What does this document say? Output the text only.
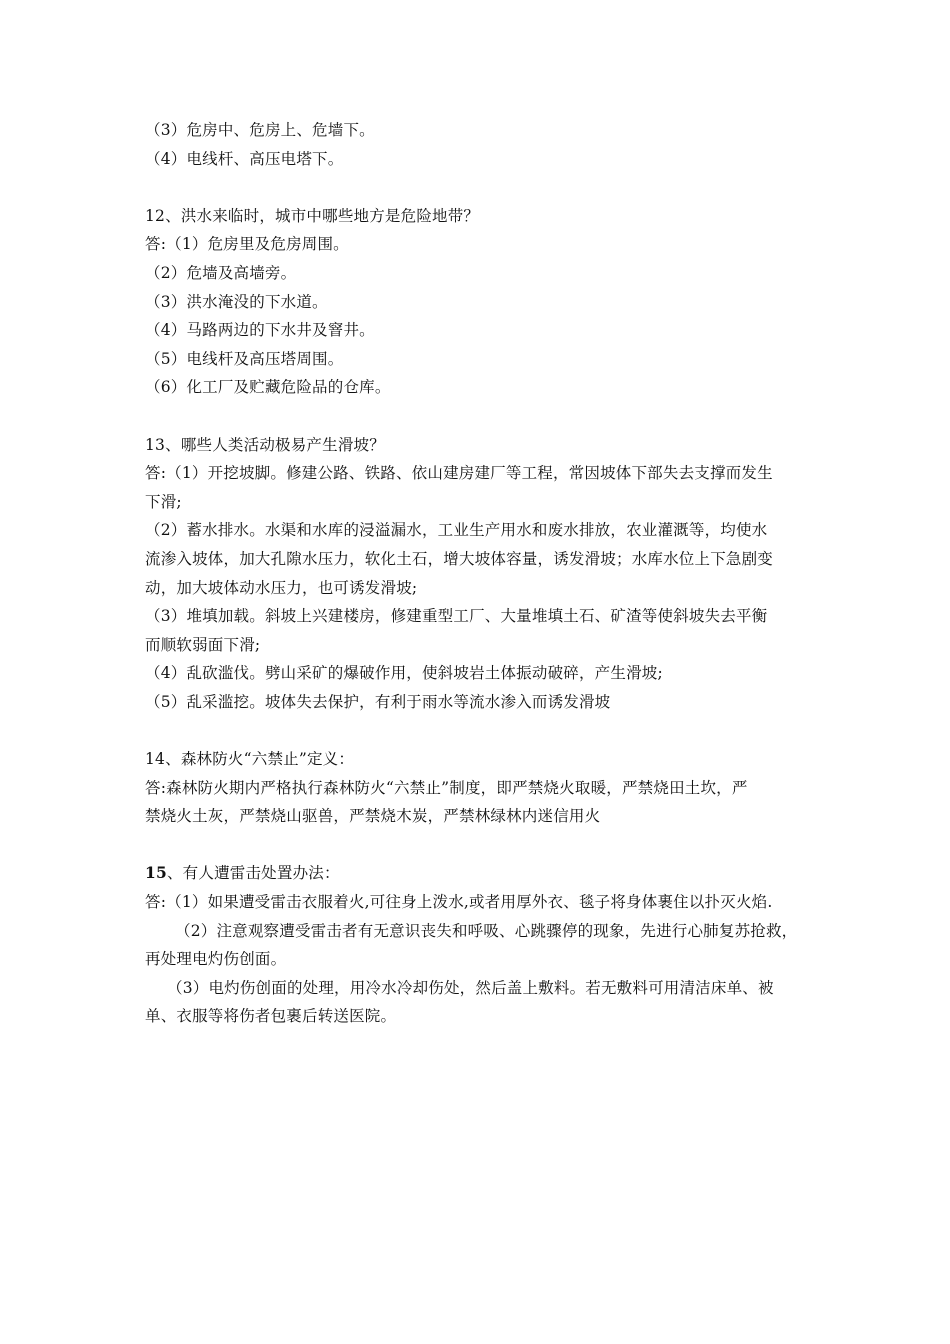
（3）危房中、危房上、危墙下。
（4）电线杆、高压电塔下。
12、洪水来临时，城市中哪些地方是危险地带？
答:（1）危房里及危房周围。
（2）危墙及高墙旁。
（3）洪水淹没的下水道。
（4）马路两边的下水井及窨井。
（5）电线杆及高压塔周围。
（6）化工厂及贮藏危险品的仓库。
13、哪些人类活动极易产生滑坡？
答:（1）开挖坡脚。修建公路、铁路、依山建房建厂等工程，常因坡体下部失去支撑而发生
下滑;
（2）蓄水排水。水渠和水库的浸溢漏水，工业生产用水和废水排放，农业灌溉等，均使水
流渗入坡体，加大孔隙水压力，软化土石，增大坡体容量，诱发滑坡；水库水位上下急剧变
动，加大坡体动水压力，也可诱发滑坡;
（3）堆填加载。斜坡上兴建楼房，修建重型工厂、大量堆填土石、矿渣等使斜坡失去平衡
而顺软弱面下滑;
（4）乱砍滥伐。劈山采矿的爆破作用，使斜坡岩土体振动破碎，产生滑坡;
（5）乱采滥挖。坡体失去保护，有利于雨水等流水渗入而诱发滑坡
14、森林防火“六禁止”定义：
答:森林防火期内严格执行森林防火“六禁止”制度，即严禁烧火取暖，严禁烧田土坎，严
禁烧火土灰，严禁烧山驱兽，严禁烧木炭，严禁林绿林内迷信用火
15、有人遭雷击处置办法：
答:（1）如果遭受雷击衣服着火,可往身上泼水,或者用厚外衣、毯子将身体裹住以扑灭火焰.
（2）注意观察遭受雷击者有无意识丧失和呼吸、心跳骤停的现象，先进行心肺复苏抢救，
再处理电灼伤创面。
（3）电灼伤创面的处理，用冷水冷却伤处，然后盖上敷料。若无敷料可用清洁床单、被
单、衣服等将伤者包裹后转送医院。
